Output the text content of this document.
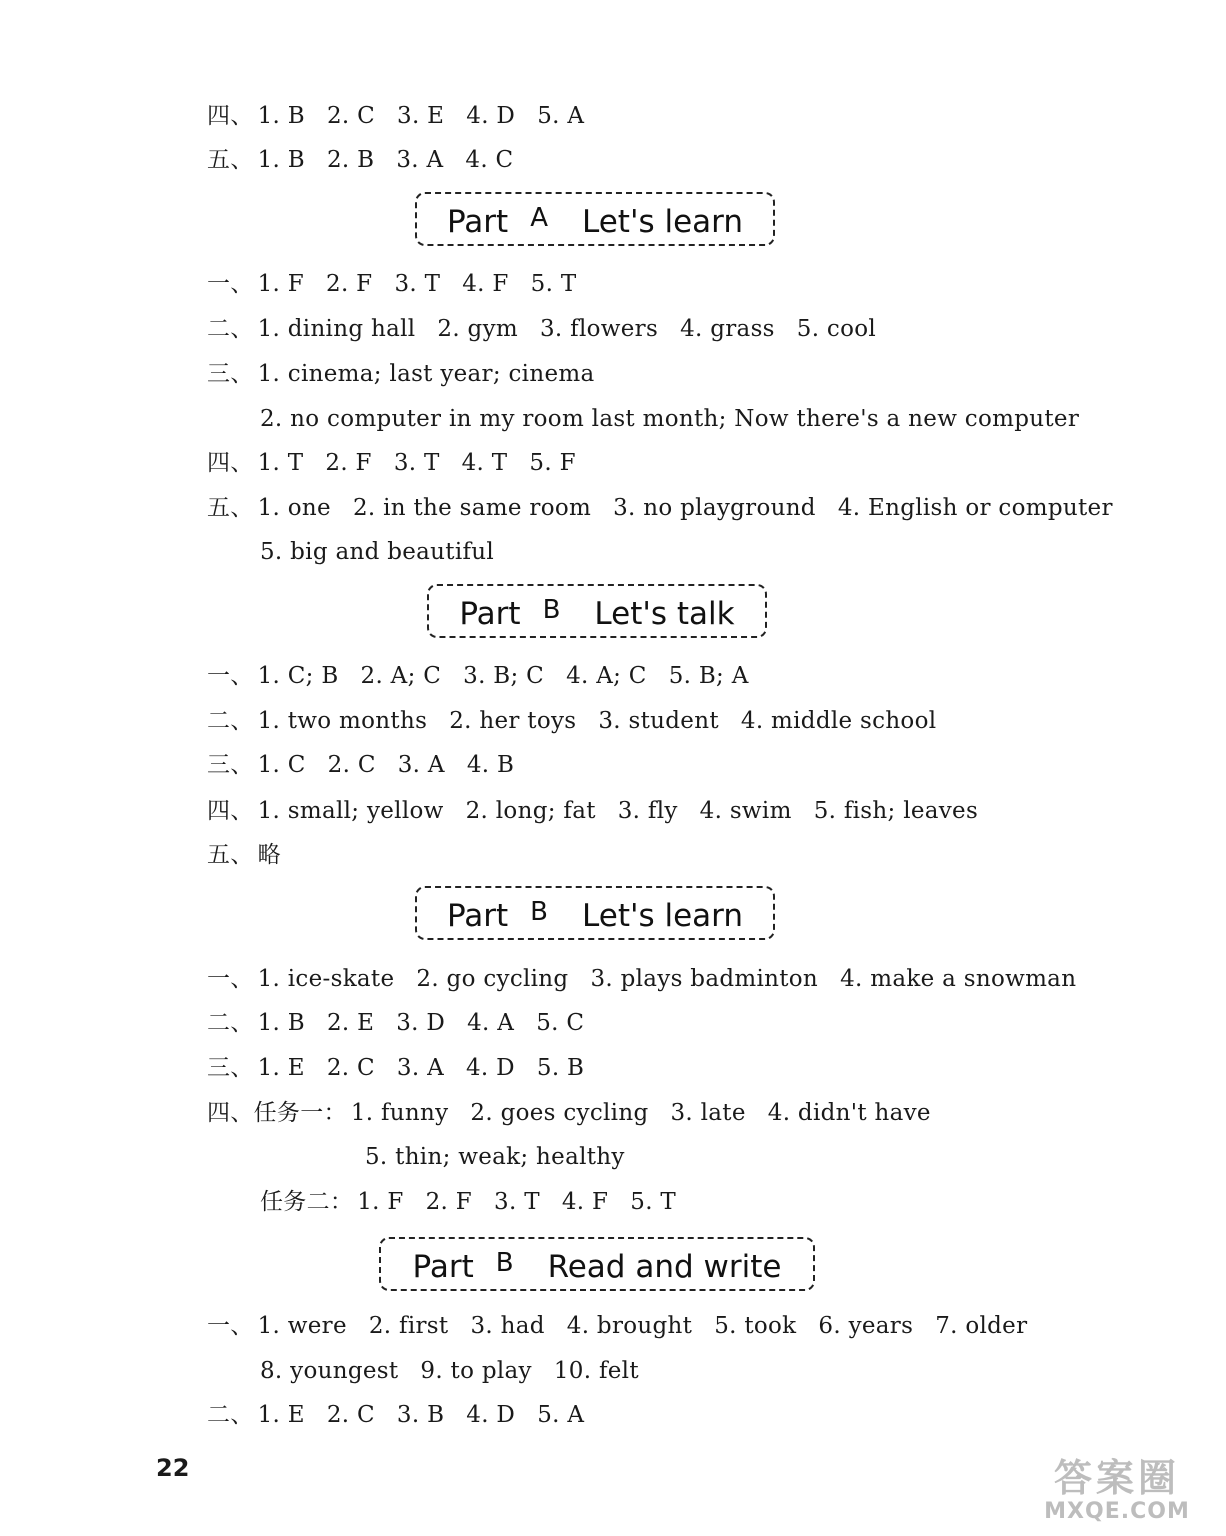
四、 1. B 2. C 3. E 4. D 5. A
五、 1. B 2. B 3. A 4. C
一、 1. F 2. F 3. T 4. F 5. T
二、 1. dining hall 2. gym 3. flowers 4. grass 5. cool
三、 1. cinema; last year; cinema
2. no computer in my room last month; Now there's a new computer
四、 1. T 2. F 3. T 4. T 5. F
五、 1. one 2. in the same room 3. no playground 4. English or computer
5. big and beautiful
一、 1. C; B 2. A; C 3. B; C 4. A; C 5. B; A
二、 1. two months 2. her toys 3. student 4. middle school
三、 1. C 2. C 3. A 4. B
四、 1. small; yellow 2. long; fat 3. fly 4. swim 5. fish; leaves
五、 略
一、 1. ice-skate 2. go cycling 3. plays badminton 4. make a snowman
二、 1. B 2. E 3. D 4. A 5. C
三、 1. E 2. C 3. A 4. D 5. B
四、任务一： 1. funny 2. goes cycling 3. late 4. didn't have
5. thin; weak; healthy
任务二： 1. F 2. F 3. T 4. F 5. T
一、 1. were 2. first 3. had 4. brought 5. took 6. years 7. older
8. youngest 9. to play 10. felt
二、 1. E 2. C 3. B 4. D 5. A
Part A Let's learn
Part B Let's talk
Part B Let's learn
Part B Read and write
22	答案圈
MXQE.COM
